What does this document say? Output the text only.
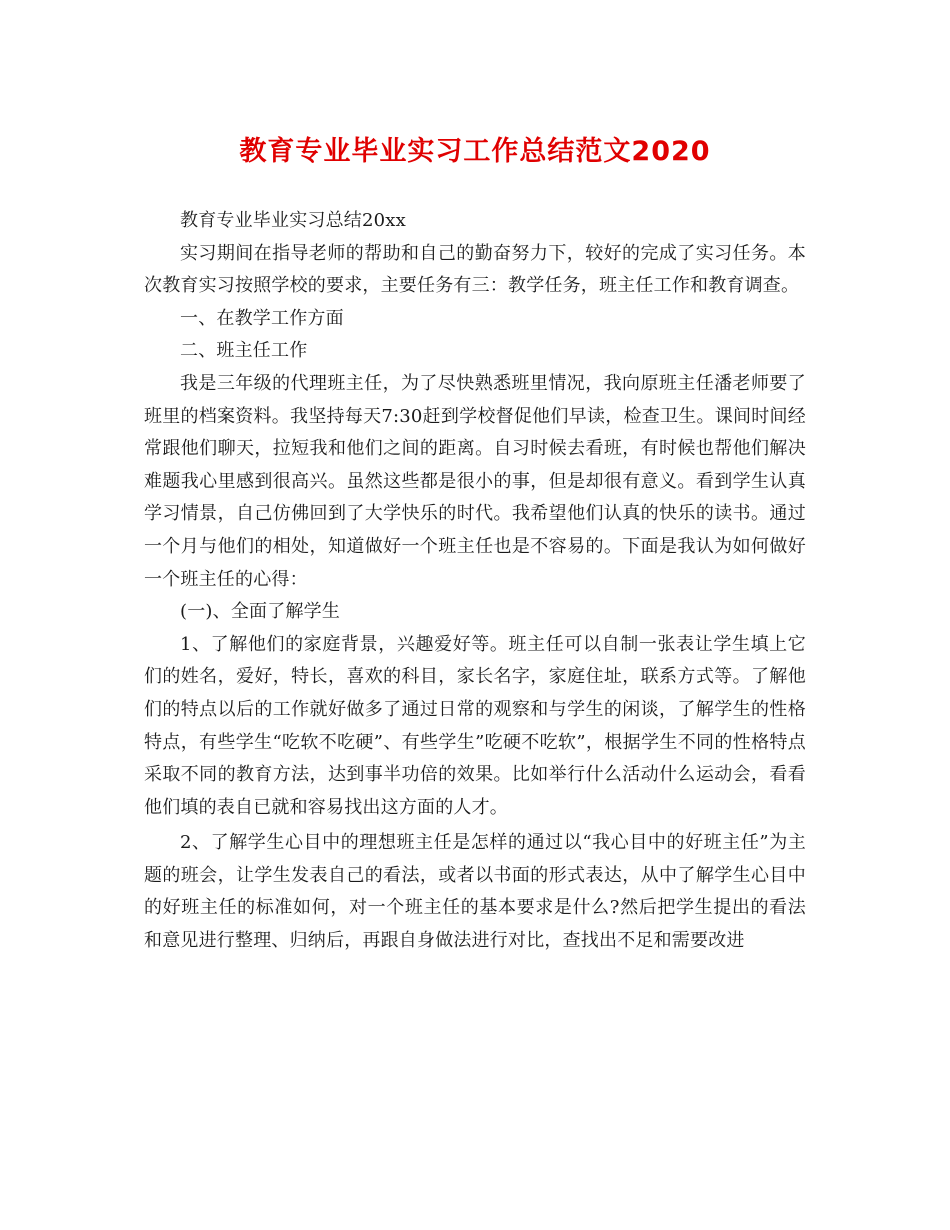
教育专业毕业实习工作总结范文2020

教育专业毕业实习总结20xx

实习期间在指导老师的帮助和自己的勤奋努力下，较好的完成了实习任务。本次教育实习按照学校的要求，主要任务有三：教学任务，班主任工作和教育调查。

一、在教学工作方面

二、班主任工作

我是三年级的代理班主任，为了尽快熟悉班里情况，我向原班主任潘老师要了班里的档案资料。我坚持每天7:30赶到学校督促他们早读，检查卫生。课间时间经常跟他们聊天，拉短我和他们之间的距离。自习时候去看班，有时候也帮他们解决难题我心里感到很高兴。虽然这些都是很小的事，但是却很有意义。看到学生认真学习情景，自己仿佛回到了大学快乐的时代。我希望他们认真的快乐的读书。通过一个月与他们的相处，知道做好一个班主任也是不容易的。下面是我认为如何做好一个班主任的心得：

(一)、全面了解学生

1、了解他们的家庭背景，兴趣爱好等。班主任可以自制一张表让学生填上它们的姓名，爱好，特长，喜欢的科目，家长名字，家庭住址，联系方式等。了解他们的特点以后的工作就好做多了通过日常的观察和与学生的闲谈，了解学生的性格特点，有些学生“吃软不吃硬”、有些学生”吃硬不吃软”，根据学生不同的性格特点采取不同的教育方法，达到事半功倍的效果。比如举行什么活动什么运动会，看看他们填的表自已就和容易找出这方面的人才。

2、了解学生心目中的理想班主任是怎样的通过以“我心目中的好班主任”为主题的班会，让学生发表自己的看法，或者以书面的形式表达，从中了解学生心目中的好班主任的标准如何，对一个班主任的基本要求是什么?然后把学生提出的看法和意见进行整理、归纳后，再跟自身做法进行对比，查找出不足和需要改进
